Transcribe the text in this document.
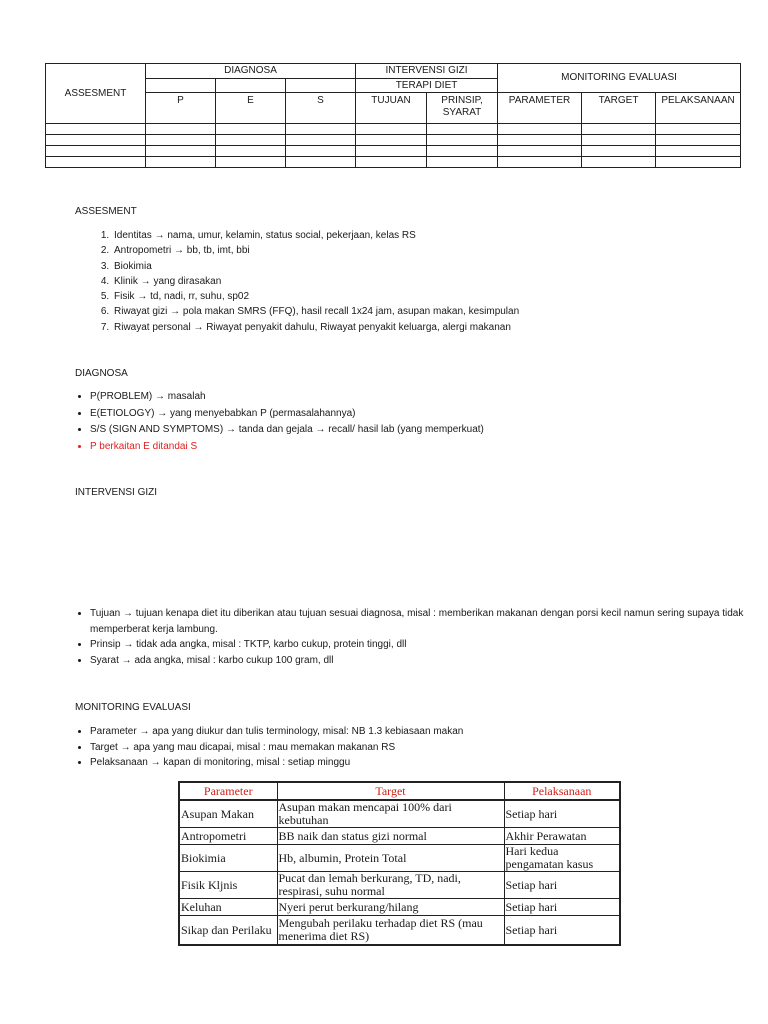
ASSESMENT	DIAGNOSA			INTERVENSI GIZI		MONITORING EVALUASI		
				TERAPI DIET				
	P	E	S	TUJUAN	PRINSIP, SYARAT	PARAMETER	TARGET	PELAKSANAAN

ASSESMENT
1. Identitas → nama, umur, kelamin, status social, pekerjaan, kelas RS
2. Antropometri → bb, tb, imt, bbi
3. Biokimia
4. Klinik → yang dirasakan
5. Fisik → td, nadi, rr, suhu, sp02
6. Riwayat gizi → pola makan SMRS (FFQ), hasil recall 1x24 jam, asupan makan, kesimpulan
7. Riwayat personal → Riwayat penyakit dahulu, Riwayat penyakit keluarga, alergi makanan
DIAGNOSA
• P(PROBLEM) → masalah
• E(ETIOLOGY) → yang menyebabkan P (permasalahannya)
• S/S (SIGN AND SYMPTOMS) → tanda dan gejala → recall/ hasil lab (yang memperkuat)
• P berkaitan E ditandai S
INTERVENSI GIZI
• Tujuan → tujuan kenapa diet itu diberikan atau tujuan sesuai diagnosa, misal : memberikan makanan dengan porsi kecil namun sering supaya tidak memperberat kerja lambung.
• Prinsip → tidak ada angka, misal : TKTP, karbo cukup, protein tinggi, dll
• Syarat → ada angka, misal : karbo cukup 100 gram, dll
MONITORING EVALUASI
• Parameter → apa yang diukur dan tulis terminology, misal: NB 1.3 kebiasaan makan
• Target → apa yang mau dicapai, misal : mau memakan makanan RS
• Pelaksanaan → kapan di monitoring, misal : setiap minggu
Parameter	Target	Pelaksanaan
Asupan Makan	Asupan makan mencapai 100% dari kebutuhan	Setiap hari
Antropometri	BB naik dan status gizi normal	Akhir Perawatan
Biokimia	Hb, albumin, Protein Total	Hari kedua pengamatan kasus
Fisik Kljnis	Pucat dan lemah berkurang, TD, nadi, respirasi, suhu normal	Setiap hari
Keluhan	Nyeri perut berkurang/hilang	Setiap hari
Sikap dan Perilaku	Mengubah perilaku terhadap diet RS (mau menerima diet RS)	Setiap hari
